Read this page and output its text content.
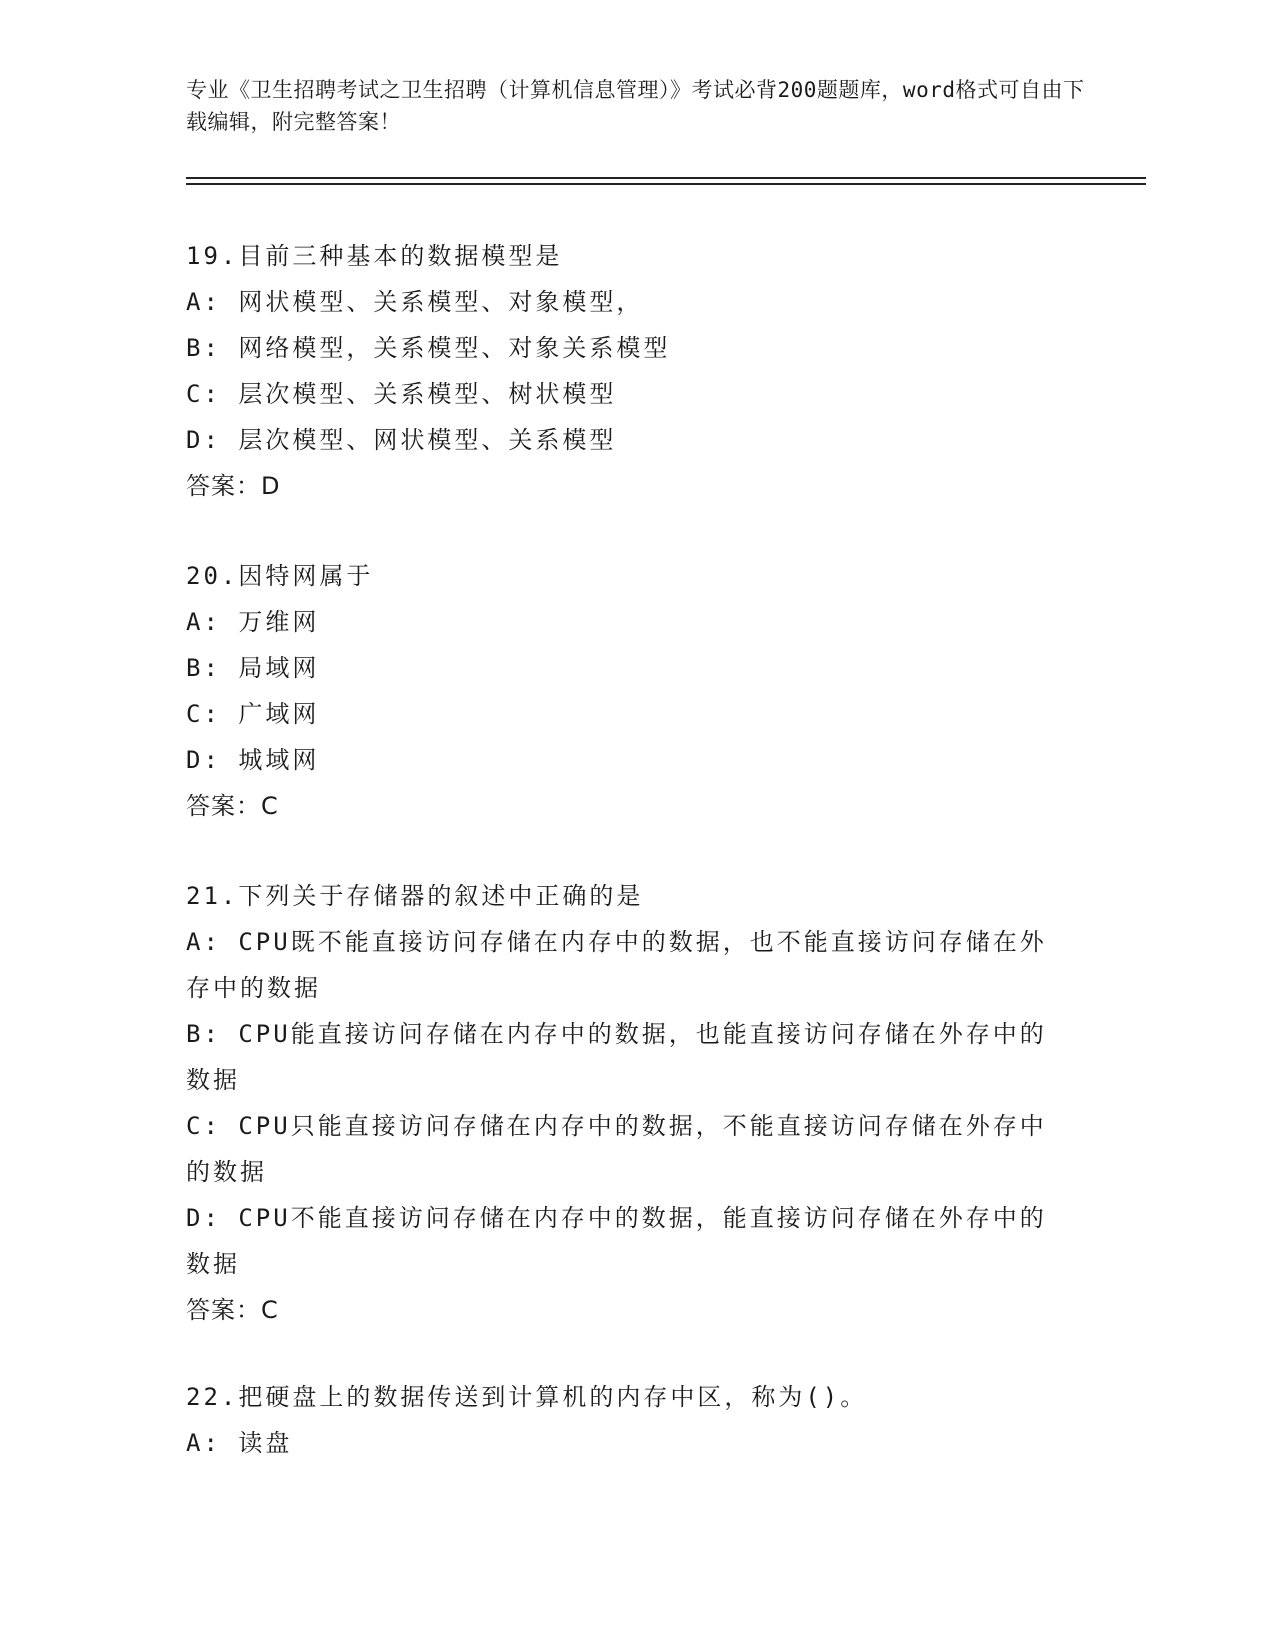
专业《卫生招聘考试之卫生招聘（计算机信息管理）》考试必背200题题库，word格式可自由下载编辑，附完整答案！
19.目前三种基本的数据模型是
A: 网状模型、关系模型、对象模型，
B: 网络模型，关系模型、对象关系模型
C: 层次模型、关系模型、树状模型
D: 层次模型、网状模型、关系模型
答案：D
20.因特网属于
A: 万维网
B: 局域网
C: 广域网
D: 城域网
答案：C
21.下列关于存储器的叙述中正确的是
A: CPU既不能直接访问存储在内存中的数据，也不能直接访问存储在外存中的数据
B: CPU能直接访问存储在内存中的数据，也能直接访问存储在外存中的数据
C: CPU只能直接访问存储在内存中的数据，不能直接访问存储在外存中的数据
D: CPU不能直接访问存储在内存中的数据，能直接访问存储在外存中的数据
答案：C
22.把硬盘上的数据传送到计算机的内存中区，称为()。
A: 读盘
